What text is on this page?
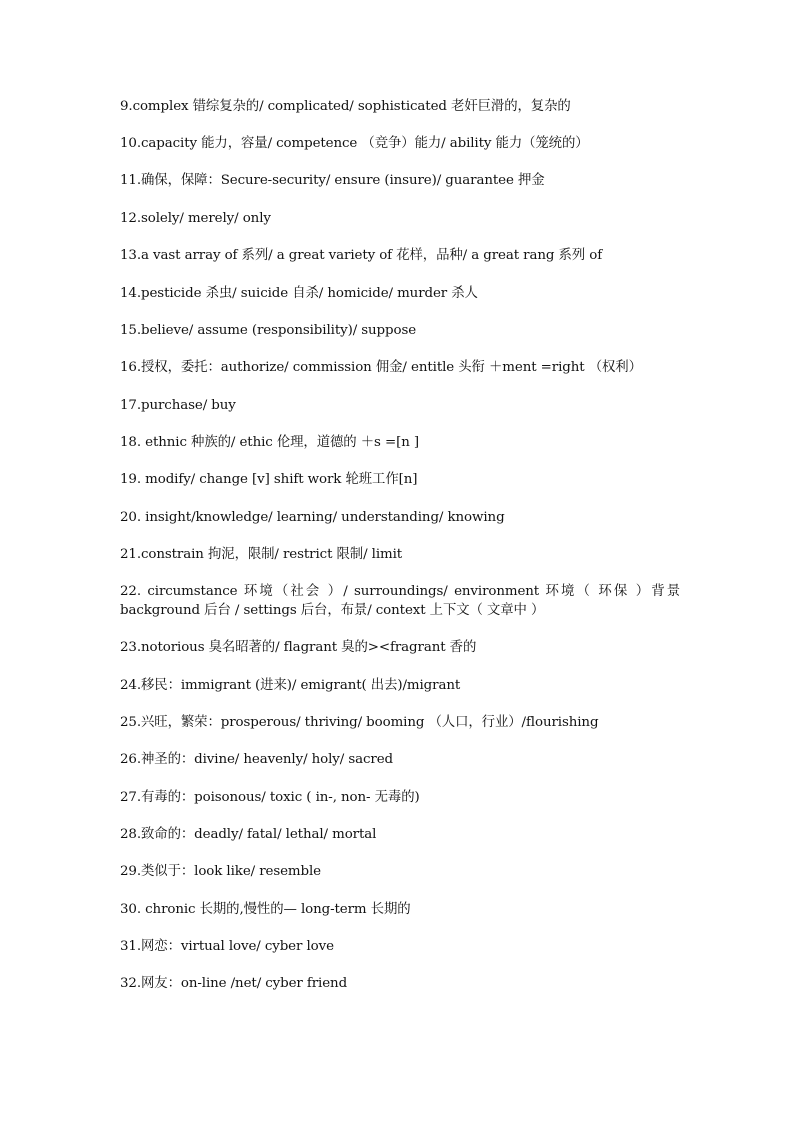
9.complex 错综复杂的/ complicated/ sophisticated 老奸巨滑的，复杂的
10.capacity 能力，容量/ competence （竞争）能力/ ability 能力（笼统的）
11.确保，保障：Secure-security/ ensure (insure)/ guarantee 押金
12.solely/ merely/ only
13.a vast array of 系列/ a great variety of 花样，品种/ a great rang 系列 of
14.pesticide 杀虫/ suicide 自杀/ homicide/ murder 杀人
15.believe/ assume (responsibility)/ suppose
16.授权，委托：authorize/ commission 佣金/ entitle 头衔 ＋ment =right （权利）
17.purchase/ buy
18. ethnic 种族的/ ethic 伦理，道德的 ＋s =[n ]
19. modify/ change [v] shift work 轮班工作[n]
20. insight/knowledge/ learning/ understanding/ knowing
21.constrain 拘泥，限制/ restrict 限制/ limit
22. circumstance 环境（社会 ）/ surroundings/ environment 环境（ 环保 ）背景 background 后台 / settings 后台，布景/ context 上下文（ 文章中 ）
23.notorious 臭名昭著的/ flagrant 臭的><fragrant 香的
24.移民：immigrant (进来)/ emigrant( 出去)/migrant
25.兴旺，繁荣：prosperous/ thriving/ booming （人口，行业）/flourishing
26.神圣的：divine/ heavenly/ holy/ sacred
27.有毒的：poisonous/ toxic ( in-, non- 无毒的)
28.致命的：deadly/ fatal/ lethal/ mortal
29.类似于：look like/ resemble
30. chronic 长期的,慢性的— long-term 长期的
31.网恋：virtual love/ cyber love
32.网友：on-line /net/ cyber friend
